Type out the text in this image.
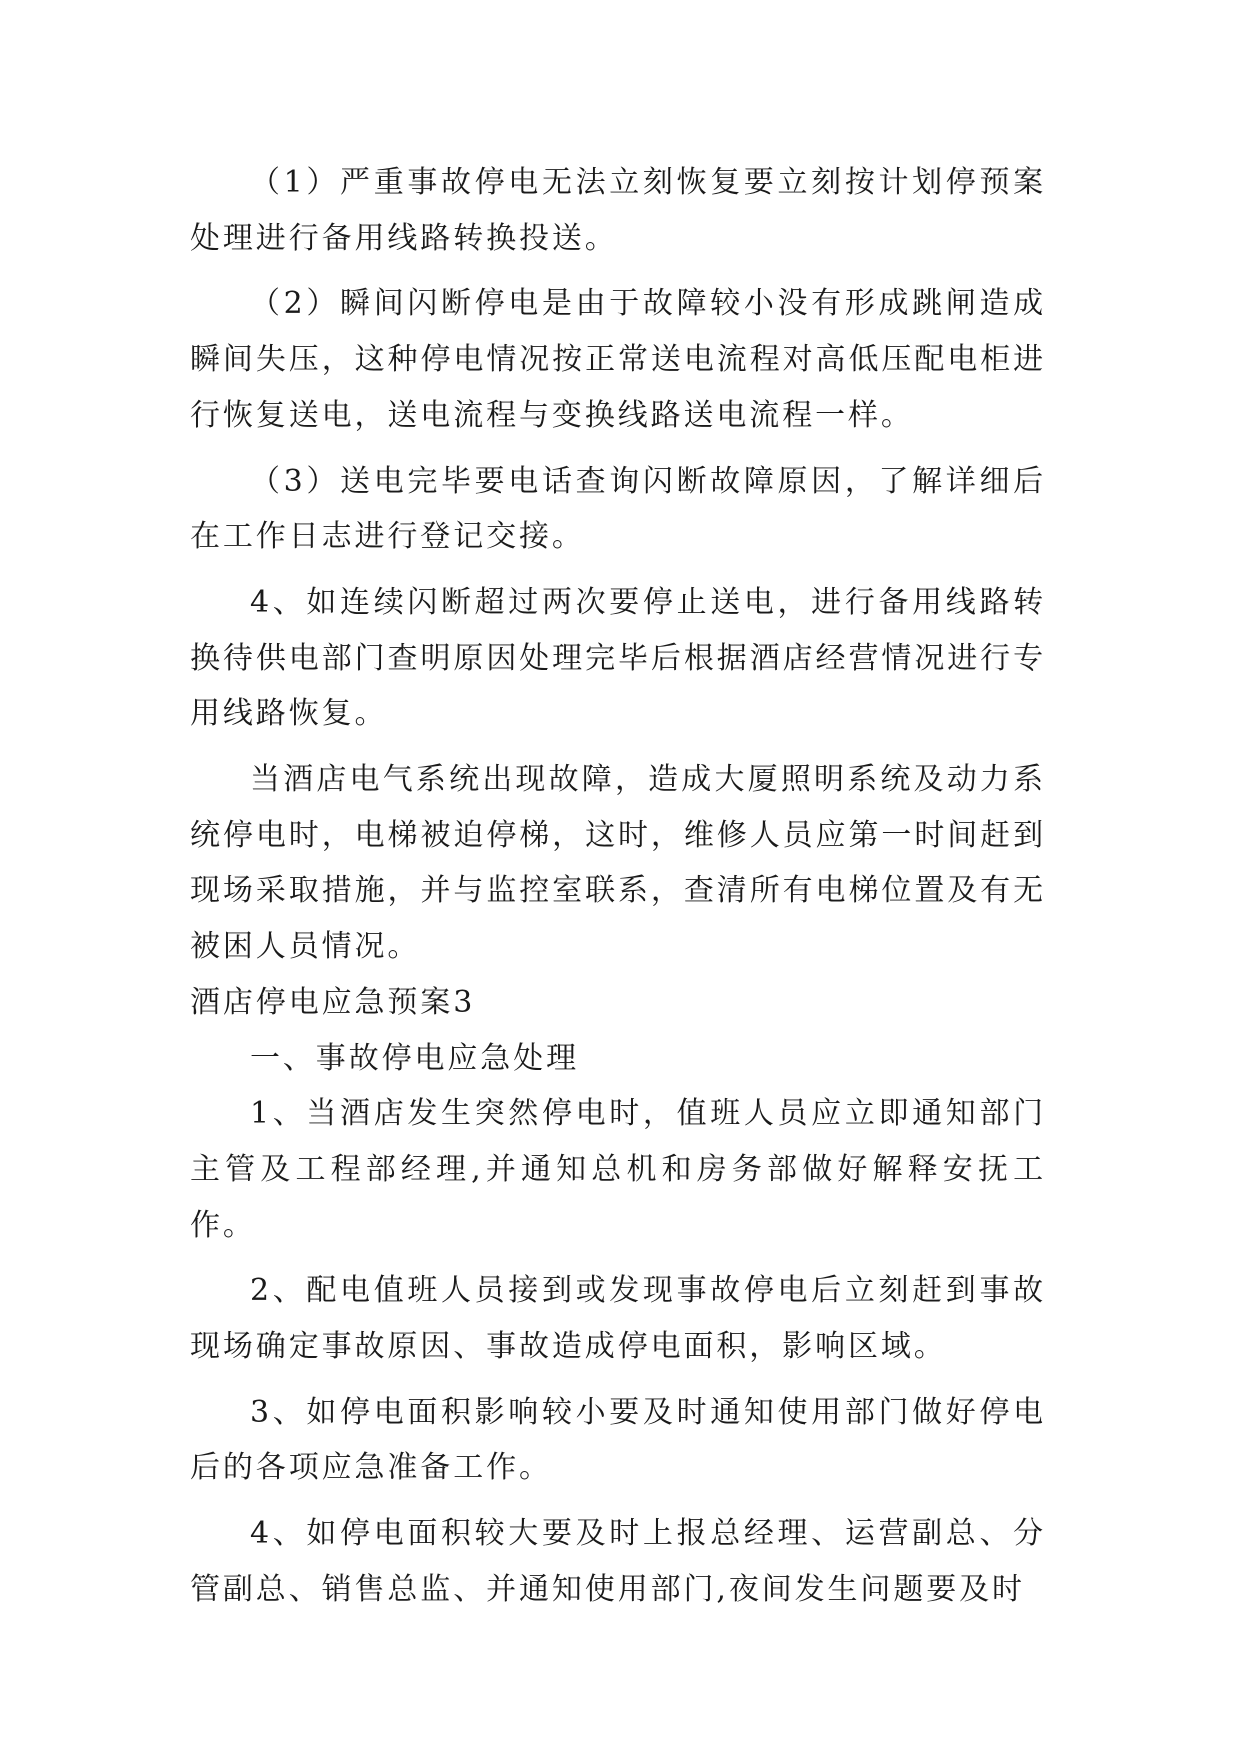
（1）严重事故停电无法立刻恢复要立刻按计划停预案处理进行备用线路转换投送。

（2）瞬间闪断停电是由于故障较小没有形成跳闸造成瞬间失压，这种停电情况按正常送电流程对高低压配电柜进行恢复送电，送电流程与变换线路送电流程一样。

（3）送电完毕要电话查询闪断故障原因，了解详细后在工作日志进行登记交接。

4、如连续闪断超过两次要停止送电，进行备用线路转换待供电部门查明原因处理完毕后根据酒店经营情况进行专用线路恢复。

当酒店电气系统出现故障，造成大厦照明系统及动力系统停电时，电梯被迫停梯，这时，维修人员应第一时间赶到现场采取措施，并与监控室联系，查清所有电梯位置及有无被困人员情况。

酒店停电应急预案3

一、事故停电应急处理

1、当酒店发生突然停电时，值班人员应立即通知部门主管及工程部经理,并通知总机和房务部做好解释安抚工作。

2、配电值班人员接到或发现事故停电后立刻赶到事故现场确定事故原因、事故造成停电面积，影响区域。

3、如停电面积影响较小要及时通知使用部门做好停电后的各项应急准备工作。

4、如停电面积较大要及时上报总经理、运营副总、分管副总、销售总监、并通知使用部门,夜间发生问题要及时
